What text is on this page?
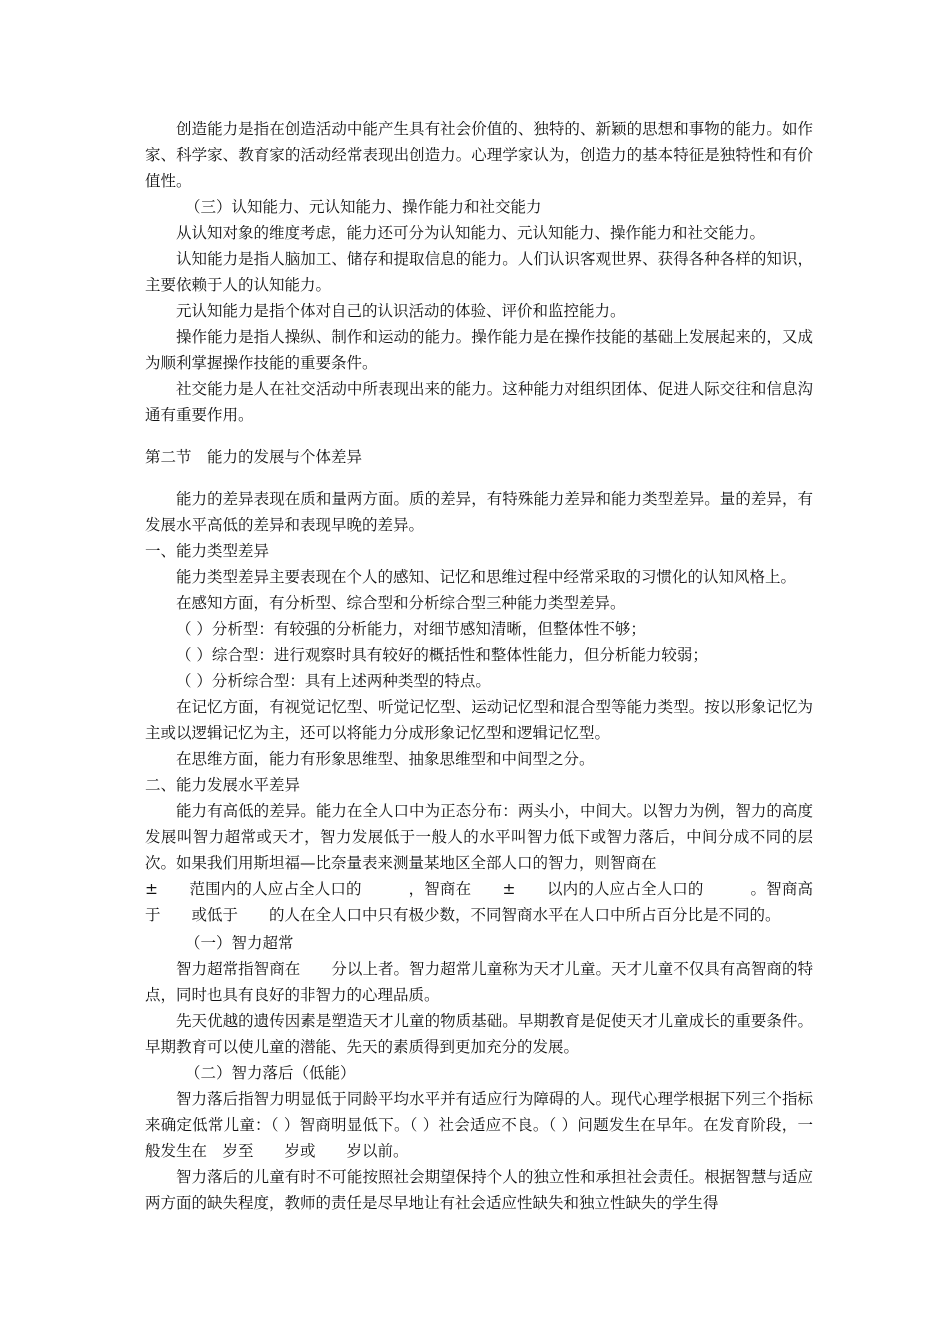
创造能力是指在创造活动中能产生具有社会价值的、独特的、新颖的思想和事物的能力。如作家、科学家、教育家的活动经常表现出创造力。心理学家认为，创造力的基本特征是独特性和有价值性。

（三）认知能力、元认知能力、操作能力和社交能力

从认知对象的维度考虑，能力还可分为认知能力、元认知能力、操作能力和社交能力。

认知能力是指人脑加工、储存和提取信息的能力。人们认识客观世界、获得各种各样的知识，主要依赖于人的认知能力。

元认知能力是指个体对自己的认识活动的体验、评价和监控能力。

操作能力是指人操纵、制作和运动的能力。操作能力是在操作技能的基础上发展起来的，又成为顺利掌握操作技能的重要条件。

社交能力是人在社交活动中所表现出来的能力。这种能力对组织团体、促进人际交往和信息沟通有重要作用。

第二节　能力的发展与个体差异

能力的差异表现在质和量两方面。质的差异，有特殊能力差异和能力类型差异。量的差异，有发展水平高低的差异和表现早晚的差异。

一、能力类型差异

能力类型差异主要表现在个人的感知、记忆和思维过程中经常采取的习惯化的认知风格上。

在感知方面，有分析型、综合型和分析综合型三种能力类型差异。

（ ）分析型：有较强的分析能力，对细节感知清晰，但整体性不够；

（ ）综合型：进行观察时具有较好的概括性和整体性能力，但分析能力较弱；

（ ）分析综合型：具有上述两种类型的特点。

在记忆方面，有视觉记忆型、听觉记忆型、运动记忆型和混合型等能力类型。按以形象记忆为主或以逻辑记忆为主，还可以将能力分成形象记忆型和逻辑记忆型。

在思维方面，能力有形象思维型、抽象思维型和中间型之分。

二、能力发展水平差异

能力有高低的差异。能力在全人口中为正态分布：两头小，中间大。以智力为例，智力的高度发展叫智力超常或天才，智力发展低于一般人的水平叫智力低下或智力落后，中间分成不同的层次。如果我们用斯坦福—比奈量表来测量某地区全部人口的智力，则智商在

±　　范围内的人应占全人口的　　　，智商在　　±　　以内的人应占全人口的　　　。智商高于　　或低于　　的人在全人口中只有极少数，不同智商水平在人口中所占百分比是不同的。

（一）智力超常

智力超常指智商在　　分以上者。智力超常儿童称为天才儿童。天才儿童不仅具有高智商的特点，同时也具有良好的非智力的心理品质。

先天优越的遗传因素是塑造天才儿童的物质基础。早期教育是促使天才儿童成长的重要条件。早期教育可以使儿童的潜能、先天的素质得到更加充分的发展。

（二）智力落后（低能）

智力落后指智力明显低于同龄平均水平并有适应行为障碍的人。现代心理学根据下列三个指标来确定低常儿童：（ ）智商明显低下。（ ）社会适应不良。（ ）问题发生在早年。在发育阶段，一般发生在　岁至　　岁或　　岁以前。

智力落后的儿童有时不可能按照社会期望保持个人的独立性和承担社会责任。根据智慧与适应两方面的缺失程度，教师的责任是尽早地让有社会适应性缺失和独立性缺失的学生得
